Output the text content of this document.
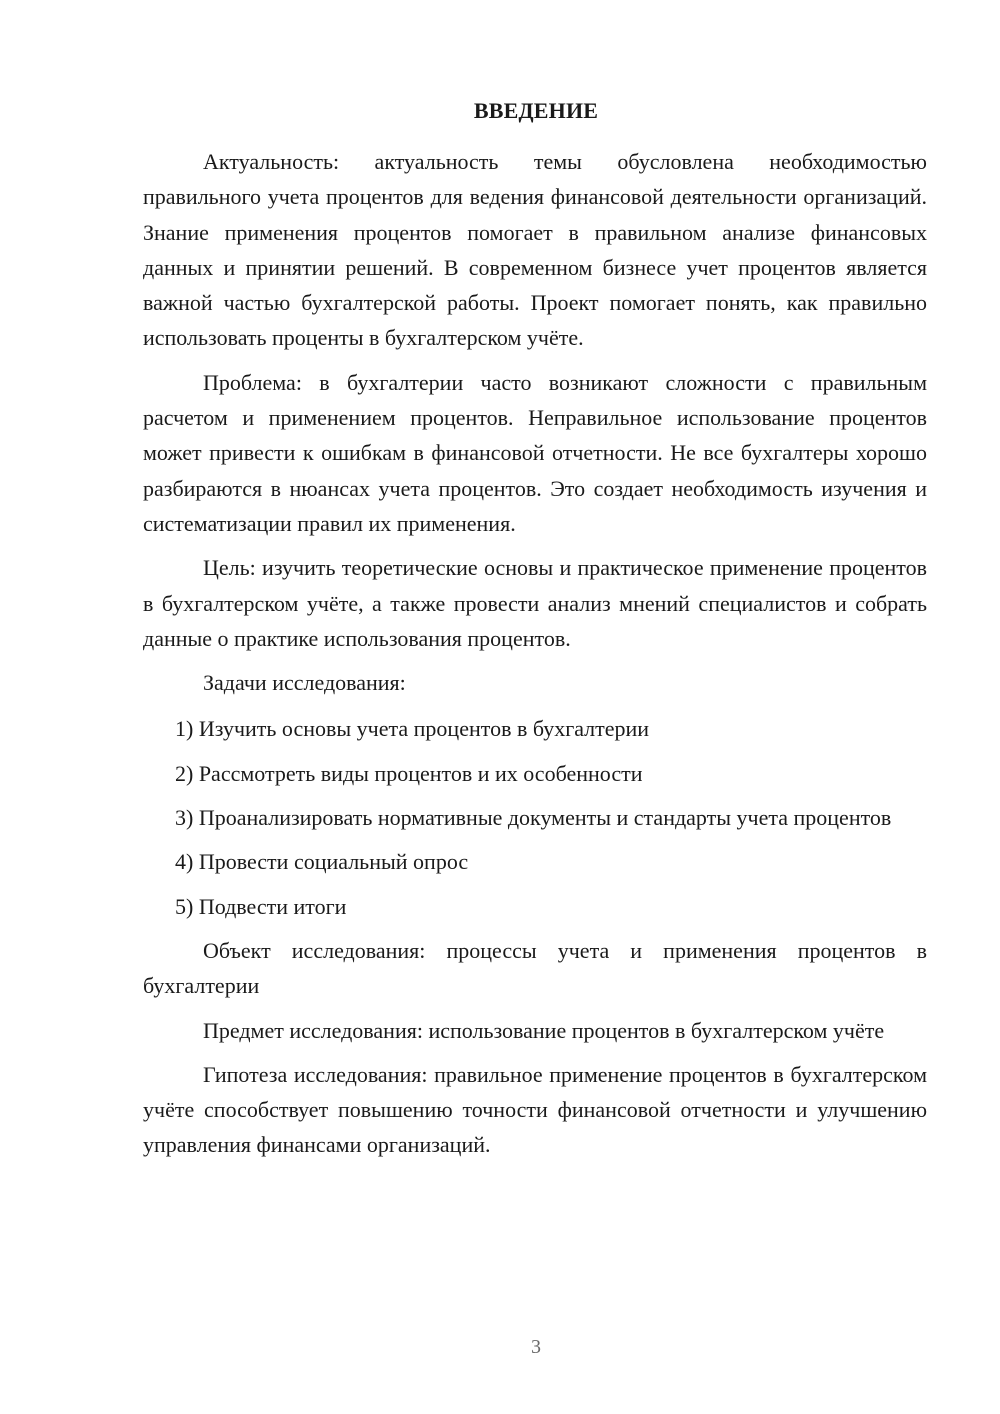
ВВЕДЕНИЕ

Актуальность: актуальность темы обусловлена необходимостью правильного учета процентов для ведения финансовой деятельности организаций. Знание применения процентов помогает в правильном анализе финансовых данных и принятии решений. В современном бизнесе учет процентов является важной частью бухгалтерской работы. Проект помогает понять, как правильно использовать проценты в бухгалтерском учёте.

Проблема: в бухгалтерии часто возникают сложности с правильным расчетом и применением процентов. Неправильное использование процентов может привести к ошибкам в финансовой отчетности. Не все бухгалтеры хорошо разбираются в нюансах учета процентов. Это создает необходимость изучения и систематизации правил их применения.

Цель: изучить теоретические основы и практическое применение процентов в бухгалтерском учёте, а также провести анализ мнений специалистов и собрать данные о практике использования процентов.

Задачи исследования:

1) Изучить основы учета процентов в бухгалтерии

2) Рассмотреть виды процентов и их особенности

3) Проанализировать нормативные документы и стандарты учета процентов

4) Провести социальный опрос

5) Подвести итоги

Объект исследования: процессы учета и применения процентов в бухгалтерии

Предмет исследования: использование процентов в бухгалтерском учёте

Гипотеза исследования: правильное применение процентов в бухгалтерском учёте способствует повышению точности финансовой отчетности и улучшению управления финансами организаций.

3
